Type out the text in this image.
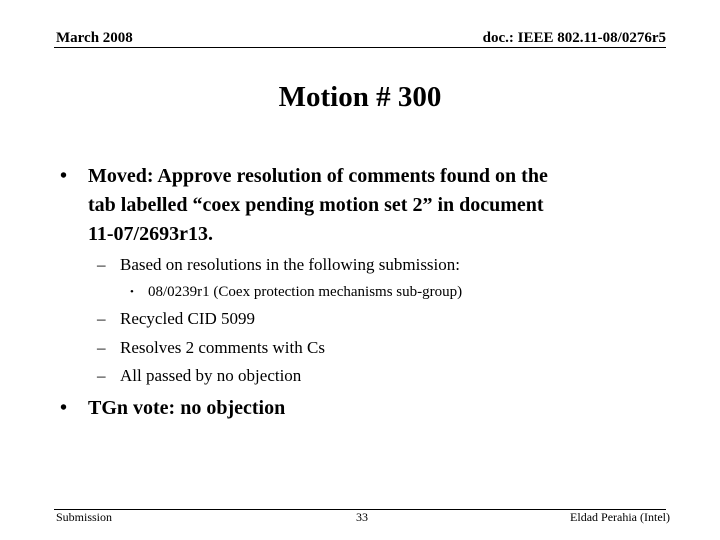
March 2008	doc.: IEEE 802.11-08/0276r5
Motion # 300
• Moved: Approve resolution of comments found on the
tab labelled “coex pending motion set 2” in document
11-07/2693r13.
– Based on resolutions in the following submission:
• 08/0239r1 (Coex protection mechanisms sub-group)
– Recycled CID 5099
– Resolves 2 comments with Cs
– All passed by no objection
• TGn vote: no objection
Submission	33	Eldad Perahia (Intel)
